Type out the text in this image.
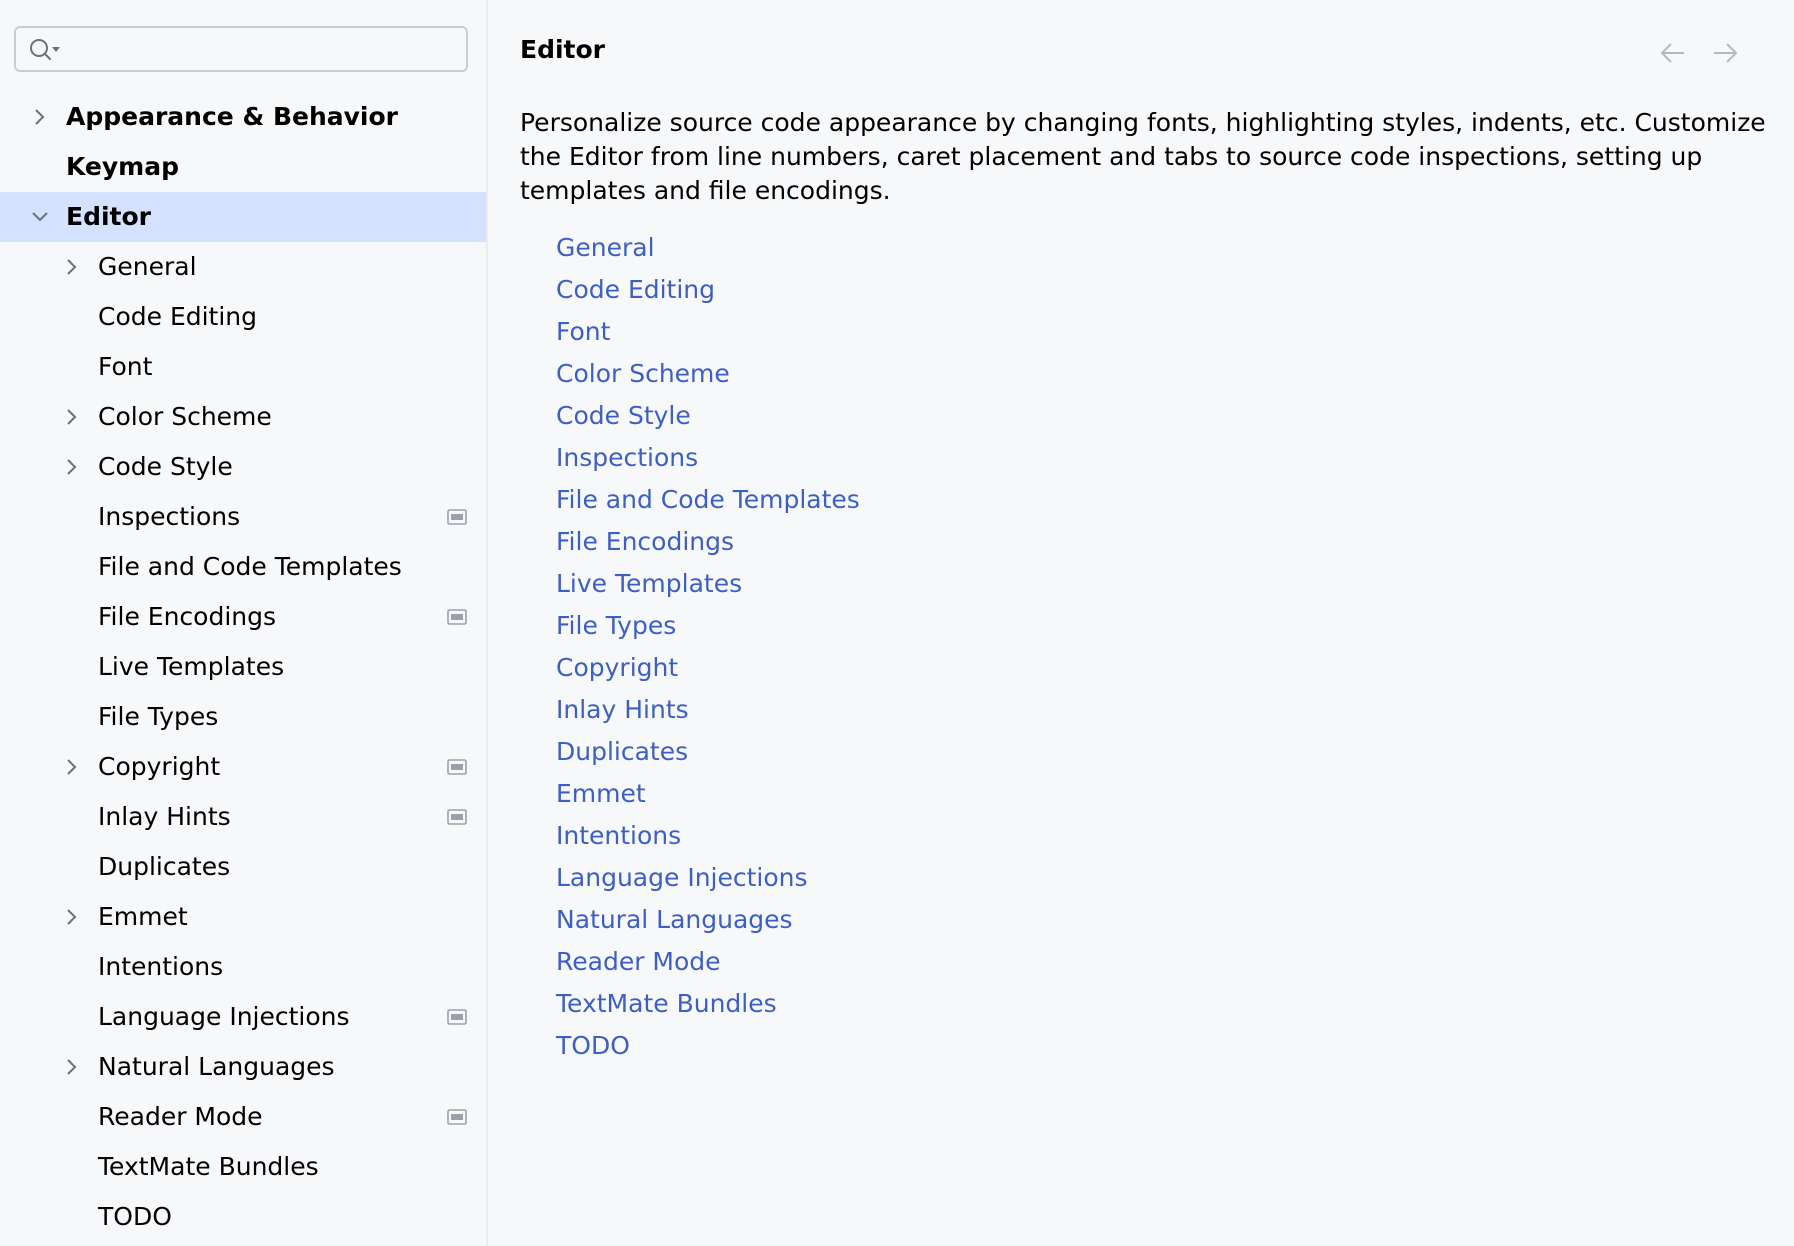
Appearance & Behavior
Keymap
Editor
General
Code Editing
Font
Color Scheme
Code Style
Inspections
File and Code Templates
File Encodings
Live Templates
File Types
Copyright
Inlay Hints
Duplicates
Emmet
Intentions
Language Injections
Natural Languages
Reader Mode
TextMate Bundles
TODO
Editor
Personalize source code appearance by changing fonts, highlighting styles, indents, etc. Customize the Editor from line numbers, caret placement and tabs to source code inspections, setting up templates and file encodings.
General
Code Editing
Font
Color Scheme
Code Style
Inspections
File and Code Templates
File Encodings
Live Templates
File Types
Copyright
Inlay Hints
Duplicates
Emmet
Intentions
Language Injections
Natural Languages
Reader Mode
TextMate Bundles
TODO
